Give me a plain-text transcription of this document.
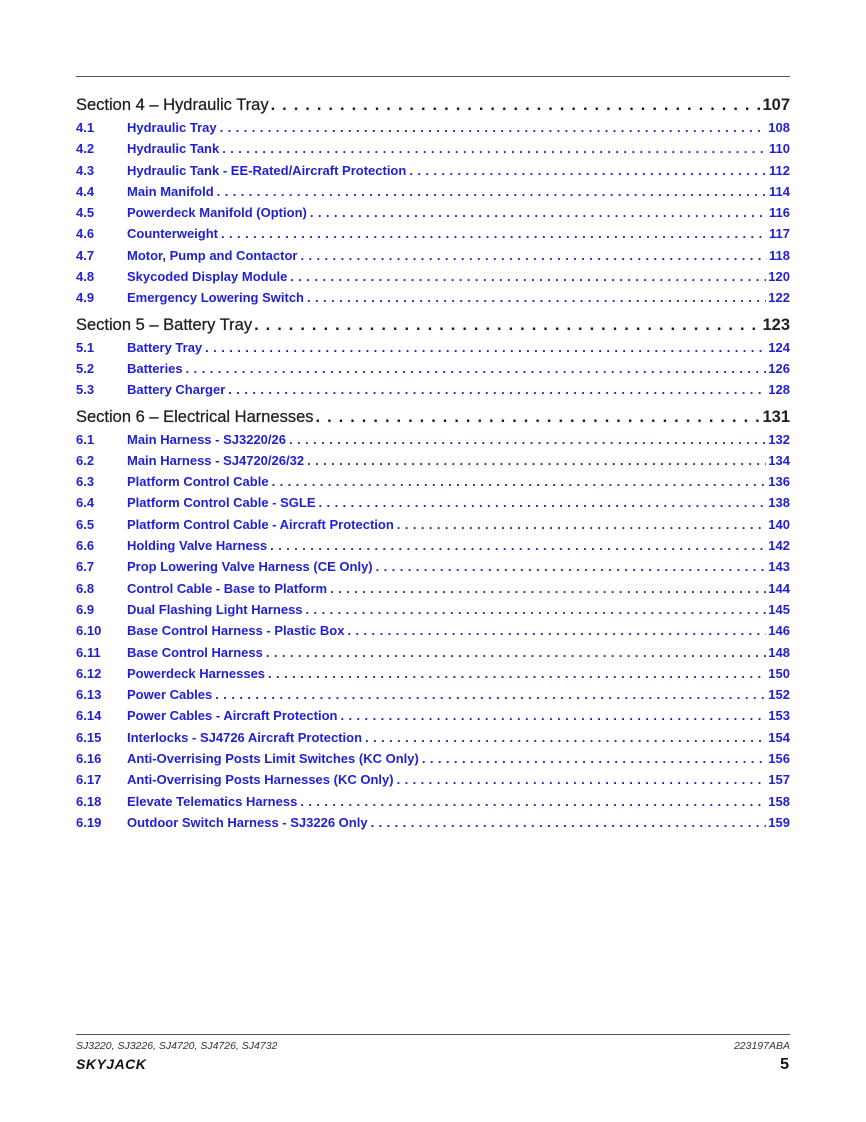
Section 4 – Hydraulic Tray . . .	107
4.1	Hydraulic Tray . . .	108
4.2	Hydraulic Tank . . .	110
4.3	Hydraulic Tank - EE-Rated/Aircraft Protection . . .	112
4.4	Main Manifold . . .	114
4.5	Powerdeck Manifold (Option) . . .	116
4.6	Counterweight . . .	117
4.7	Motor, Pump and Contactor . . .	118
4.8	Skycoded Display Module . . .	120
4.9	Emergency Lowering Switch . . .	122
Section 5 – Battery Tray . . .	123
5.1	Battery Tray . . .	124
5.2	Batteries . . .	126
5.3	Battery Charger . . .	128
Section 6 – Electrical Harnesses . . .	131
6.1	Main Harness - SJ3220/26 . . .	132
6.2	Main Harness - SJ4720/26/32 . . .	134
6.3	Platform Control Cable . . .	136
6.4	Platform Control Cable - SGLE . . .	138
6.5	Platform Control Cable - Aircraft Protection . . .	140
6.6	Holding Valve Harness . . .	142
6.7	Prop Lowering Valve Harness (CE Only) . . .	143
6.8	Control Cable - Base to Platform . . .	144
6.9	Dual Flashing Light Harness . . .	145
6.10	Base Control Harness - Plastic Box . . .	146
6.11	Base Control Harness . . .	148
6.12	Powerdeck Harnesses . . .	150
6.13	Power Cables . . .	152
6.14	Power Cables - Aircraft Protection . . .	153
6.15	Interlocks - SJ4726 Aircraft Protection . . .	154
6.16	Anti-Overrising Posts Limit Switches (KC Only) . . .	156
6.17	Anti-Overrising Posts Harnesses (KC Only) . . .	157
6.18	Elevate Telematics Harness . . .	158
6.19	Outdoor Switch Harness - SJ3226 Only . . .	159
SJ3220, SJ3226, SJ4720, SJ4726, SJ4732	223197ABA
SKYJACK	5
